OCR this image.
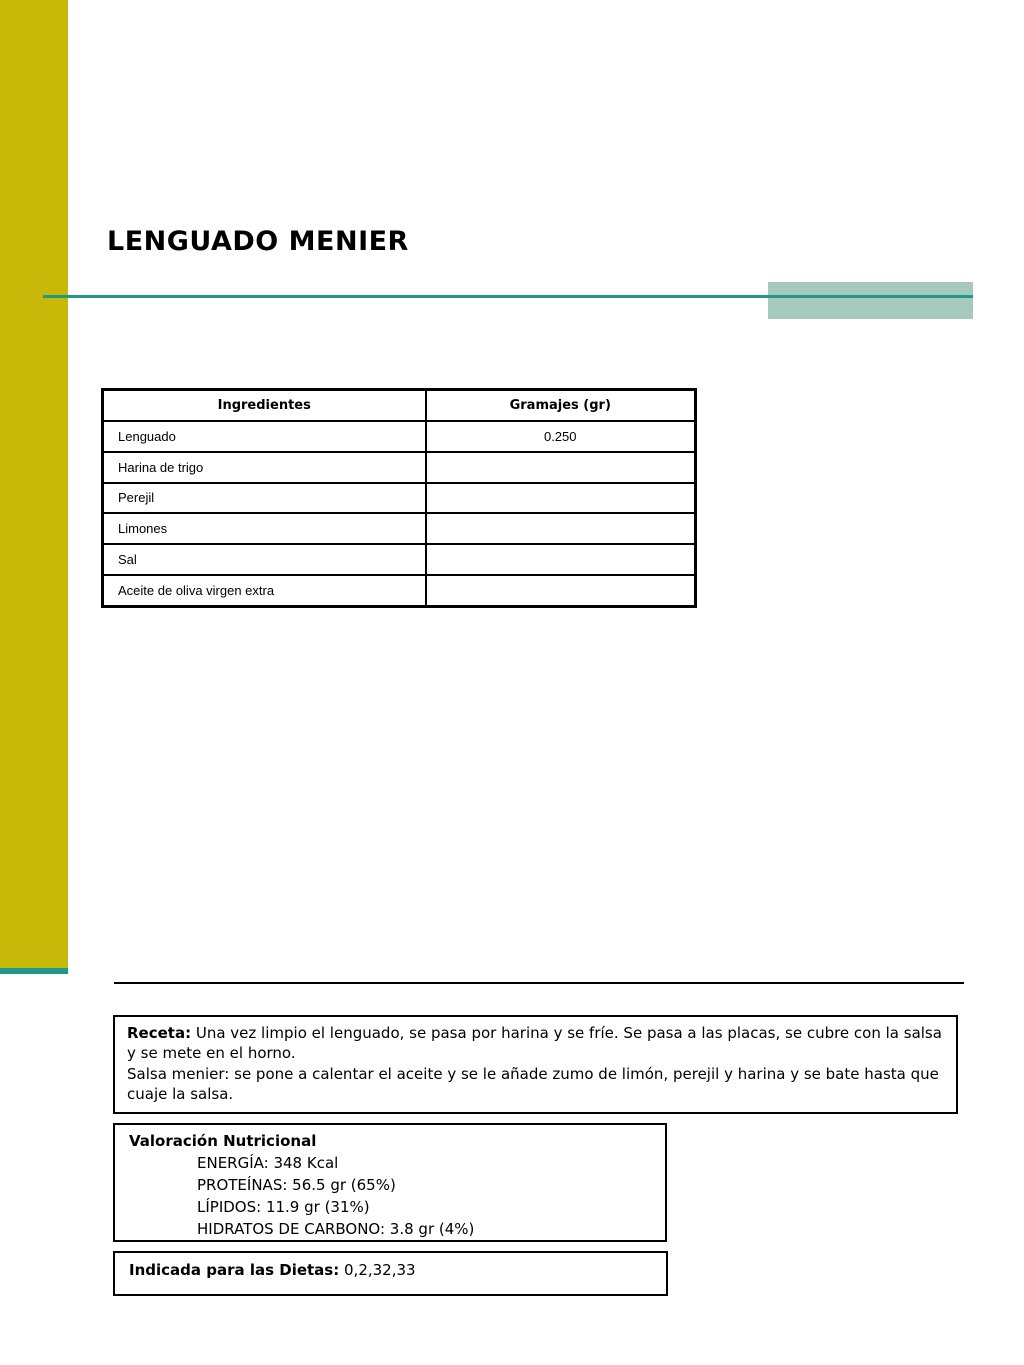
LENGUADO MENIER
Ingredientes	Gramajes (gr)
Lenguado	0.250
Harina de trigo	
Perejil	
Limones	
Sal	
Aceite de oliva virgen extra	

Receta: Una vez limpio el lenguado, se pasa por harina y se fríe. Se pasa a las placas, se cubre con la salsa y se mete en el horno.

Salsa menier: se pone a calentar el aceite y se le añade zumo de limón, perejil y harina y se bate hasta que cuaje la salsa.

Valoración Nutricional
ENERGÍA: 348 Kcal
PROTEÍNAS: 56.5 gr (65%)
LÍPIDOS: 11.9 gr (31%)
HIDRATOS DE CARBONO: 3.8 gr (4%)
Indicada para las Dietas: 0,2,32,33
